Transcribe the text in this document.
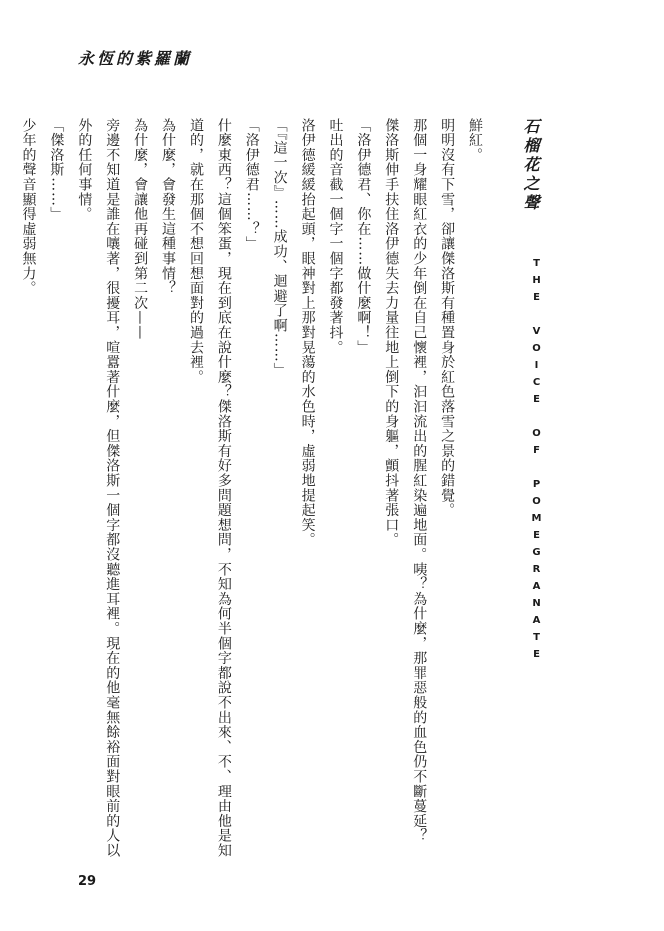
永恆的紫羅蘭
石榴花之聲
THE VOICE OF POMEGRANATE

鮮紅。

明明沒有下雪，卻讓傑洛斯有種置身於紅色落雪之景的錯覺。

那個一身耀眼紅衣的少年倒在自己懷裡，汩汩流出的腥紅染遍地面。咦？為什麼，那罪惡般的血色仍不斷蔓延？

傑洛斯伸手扶住洛伊德失去力量往地上倒下的身軀，顫抖著張口。

「洛伊德君、你在……做什麼啊！」

吐出的音截一個字一個字都發著抖。

洛伊德緩緩抬起頭，眼神對上那對晃蕩的水色時，虛弱地提起笑。

「『這一次』……成功、迴避了啊……」

「洛伊德君……？」

什麼東西？這個笨蛋，現在到底在說什麼？傑洛斯有好多問題想問，不知為何半個字都說不出來、不、理由他是知道的，就在那個不想回想面對的過去裡。

為什麼，會發生這種事情？

為什麼，會讓他再碰到第二次——

旁邊不知道是誰在嚷著，很擾耳，喧囂著什麼，但傑洛斯一個字都沒聽進耳裡。現在的他毫無餘裕面對眼前的人以外的任何事情。

「傑洛斯……」

少年的聲音顯得虛弱無力。

29
